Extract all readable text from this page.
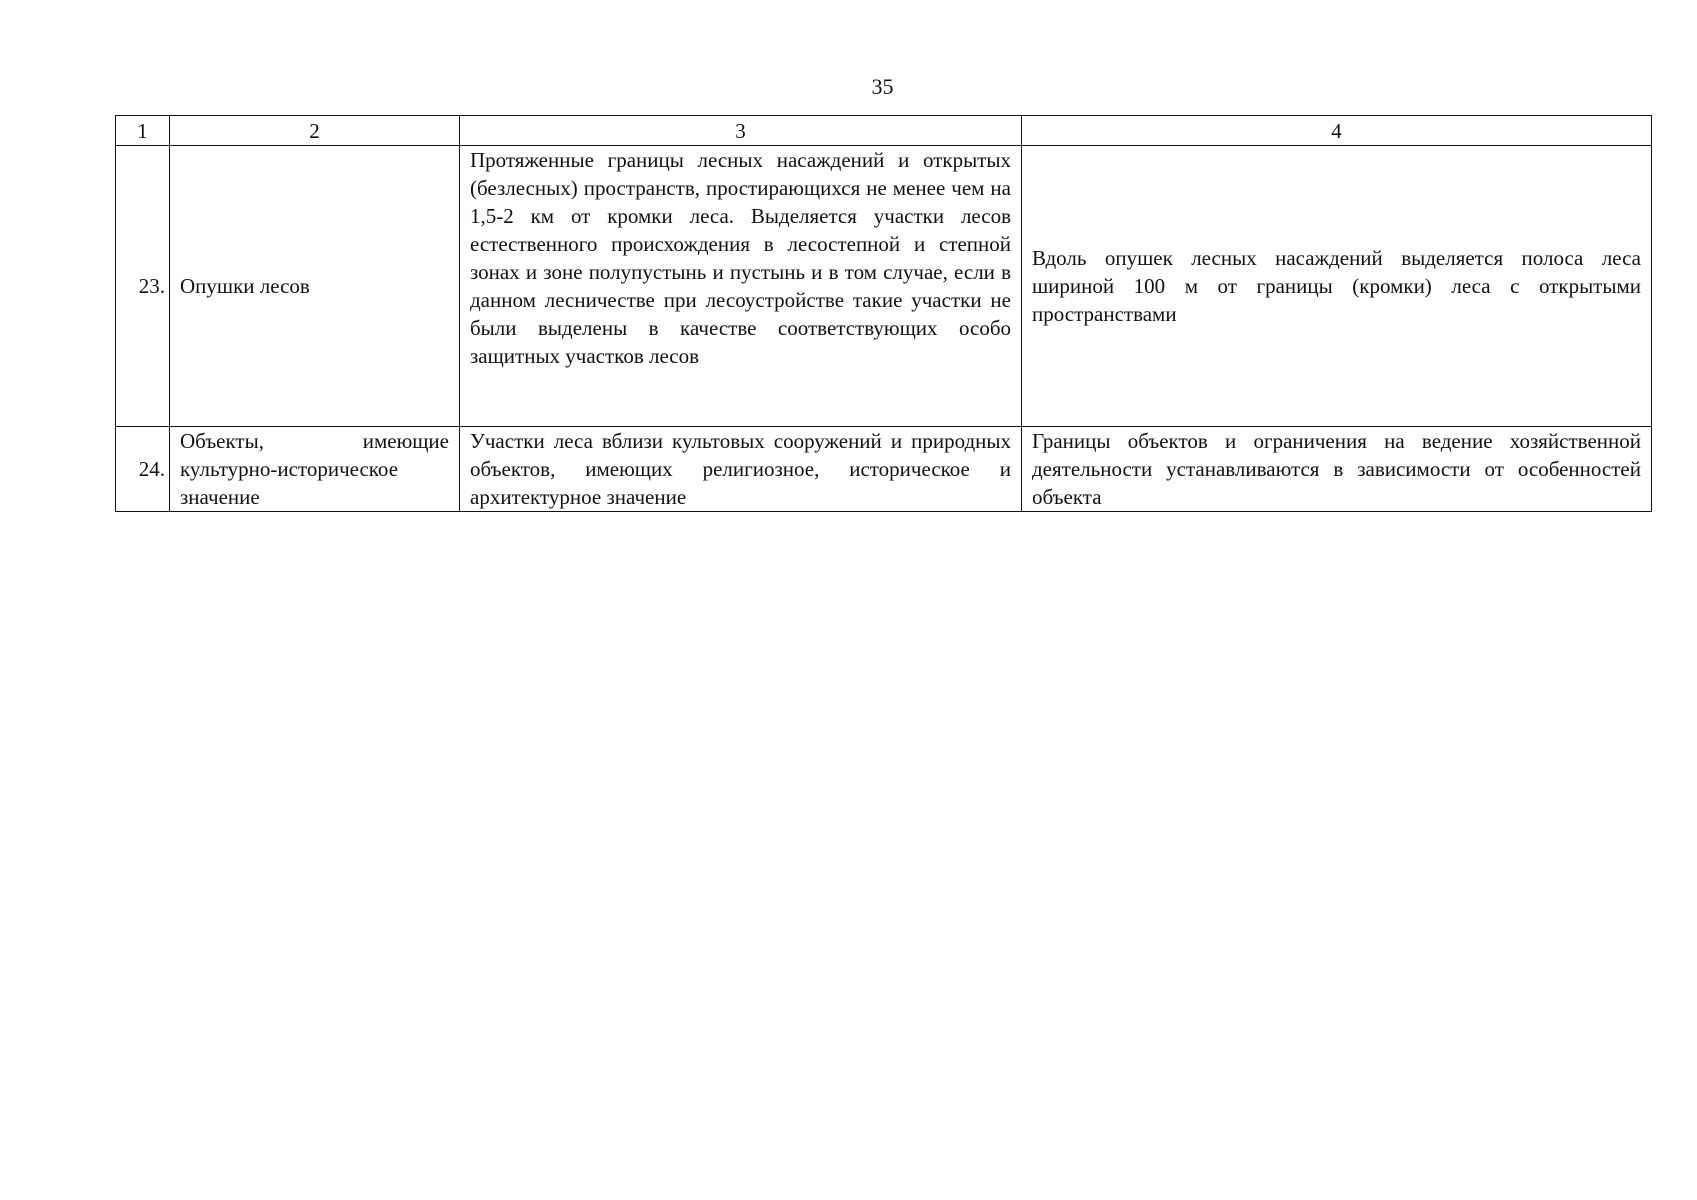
35
1	2	3	4
23.	Опушки лесов	Протяженные границы лесных насаждений и открытых (безлесных) пространств, простирающихся не менее чем на 1,5-2 км от кромки леса. Выделяется участки лесов естественного происхождения в лесостепной и степной зонах и зоне полупустынь и пустынь и в том случае, если в данном лесничестве при лесоустройстве такие участки не были выделены в качестве соответствующих особо защитных участков лесов	Вдоль опушек лесных насаждений выделяется полоса леса шириной 100 м от границы (кромки) леса с открытыми пространствами
24.	Объекты, имеющие культурно-историческое значение	Участки леса вблизи культовых сооружений и природных объектов, имеющих религиозное, историческое и архитектурное значение	Границы объектов и ограничения на ведение хозяйственной деятельности устанавливаются в зависимости от особенностей объекта
